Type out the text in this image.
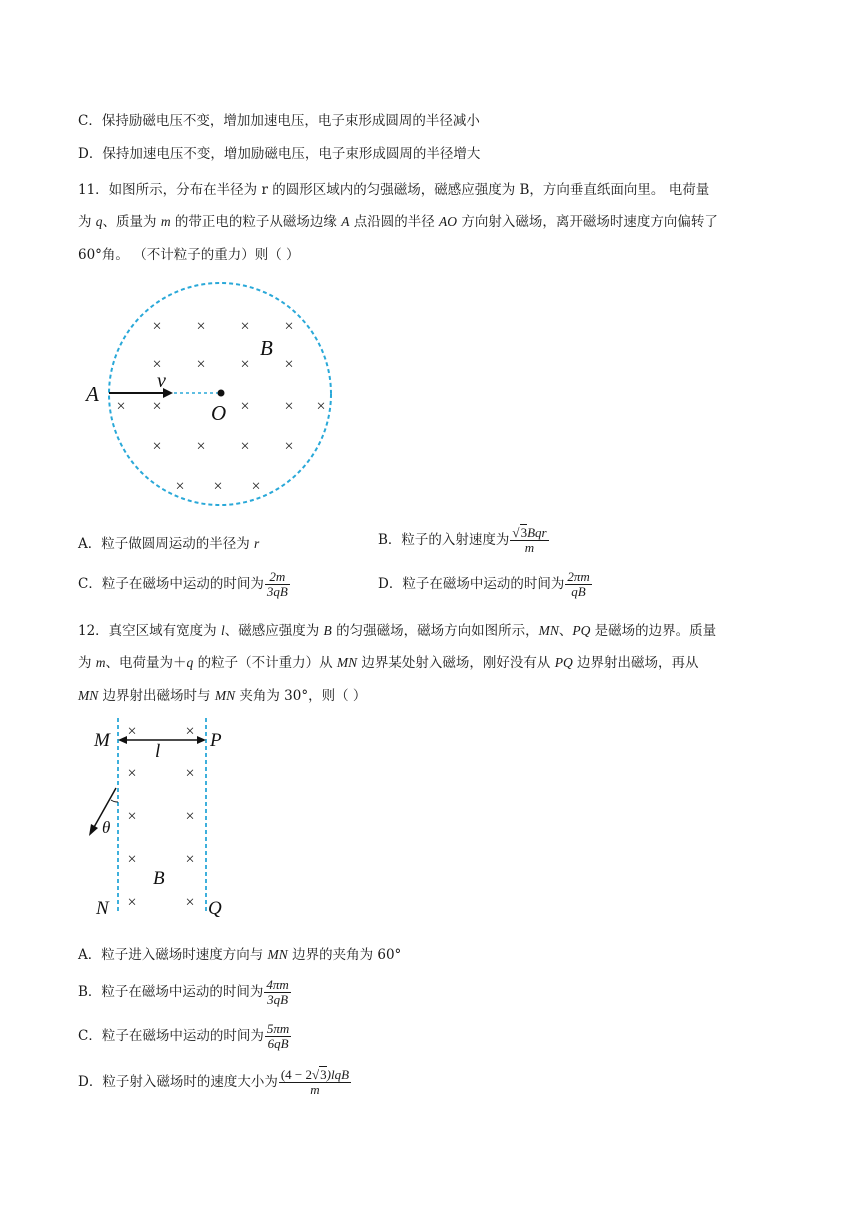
C．保持励磁电压不变，增加加速电压，电子束形成圆周的半径减小
D．保持加速电压不变，增加励磁电压，电子束形成圆周的半径增大
11．如图所示，分布在半径为 r 的圆形区域内的匀强磁场，磁感应强度为 B，方向垂直纸面向里。 电荷量
为 q、质量为 m 的带正电的粒子从磁场边缘 A 点沿圆的半径 AO 方向射入磁场，离开磁场时速度方向偏转了
60°角。 （不计粒子的重力）则（ ）
× × × ×
× × × ×
× ×	× × ×
× × × ×
× × ×
A
v
O
B
A．粒子做圆周运动的半径为 r	B．粒子的入射速度为 $\frac{\text{√3Bqr}}{m}$
C．粒子在磁场中运动的时间为 $\frac{2m}{3qB}$	D．粒子在磁场中运动的时间为 $\frac{2\pi m}{qB}$
12．真空区域有宽度为 l、磁感应强度为 B 的匀强磁场，磁场方向如图所示，MN、PQ 是磁场的边界。质量
为 m、电荷量为＋q 的粒子（不计重力）从 MN 边界某处射入磁场，刚好没有从 PQ 边界射出磁场，再从
MN 边界射出磁场时与 MN 夹角为 30°，则（ ）
×	×
×	×
×	×
×	×
×	×
M	P
l
θ
B
N	Q
A．粒子进入磁场时速度方向与 MN 边界的夹角为 60°
B．粒子在磁场中运动的时间为 $\frac{4\pi m}{3qB}$
C．粒子在磁场中运动的时间为 $\frac{5\pi m}{6qB}$
D．粒子射入磁场时的速度大小为 $\frac{\text{(4 − 2√3)lqB}}{m}$
